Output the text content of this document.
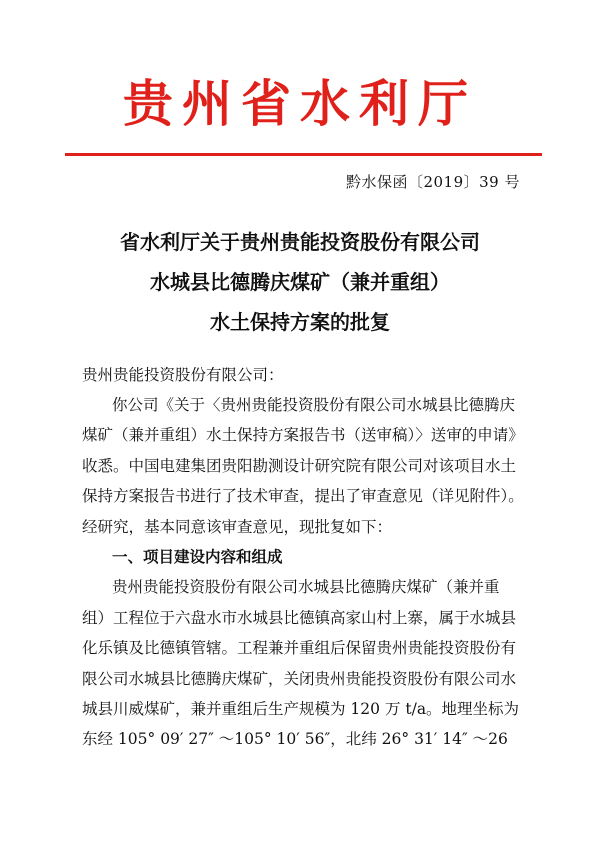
贵州省水利厅
黔水保函〔2019〕39 号
省水利厅关于贵州贵能投资股份有限公司
水城县比德腾庆煤矿（兼并重组）
水土保持方案的批复
贵州贵能投资股份有限公司：
你公司《关于〈贵州贵能投资股份有限公司水城县比德腾庆
煤矿（兼并重组）水土保持方案报告书（送审稿）〉送审的申请》
收悉。中国电建集团贵阳勘测设计研究院有限公司对该项目水土
保持方案报告书进行了技术审查，提出了审查意见（详见附件）。
经研究，基本同意该审查意见，现批复如下：
一、项目建设内容和组成
贵州贵能投资股份有限公司水城县比德腾庆煤矿（兼并重
组）工程位于六盘水市水城县比德镇高家山村上寨，属于水城县
化乐镇及比德镇管辖。工程兼并重组后保留贵州贵能投资股份有
限公司水城县比德腾庆煤矿，关闭贵州贵能投资股份有限公司水
城县川威煤矿，兼并重组后生产规模为 120 万 t/a。地理坐标为
东经 105° 09′ 27″ ～105° 10′ 56″，北纬 26° 31′ 14″ ～26
